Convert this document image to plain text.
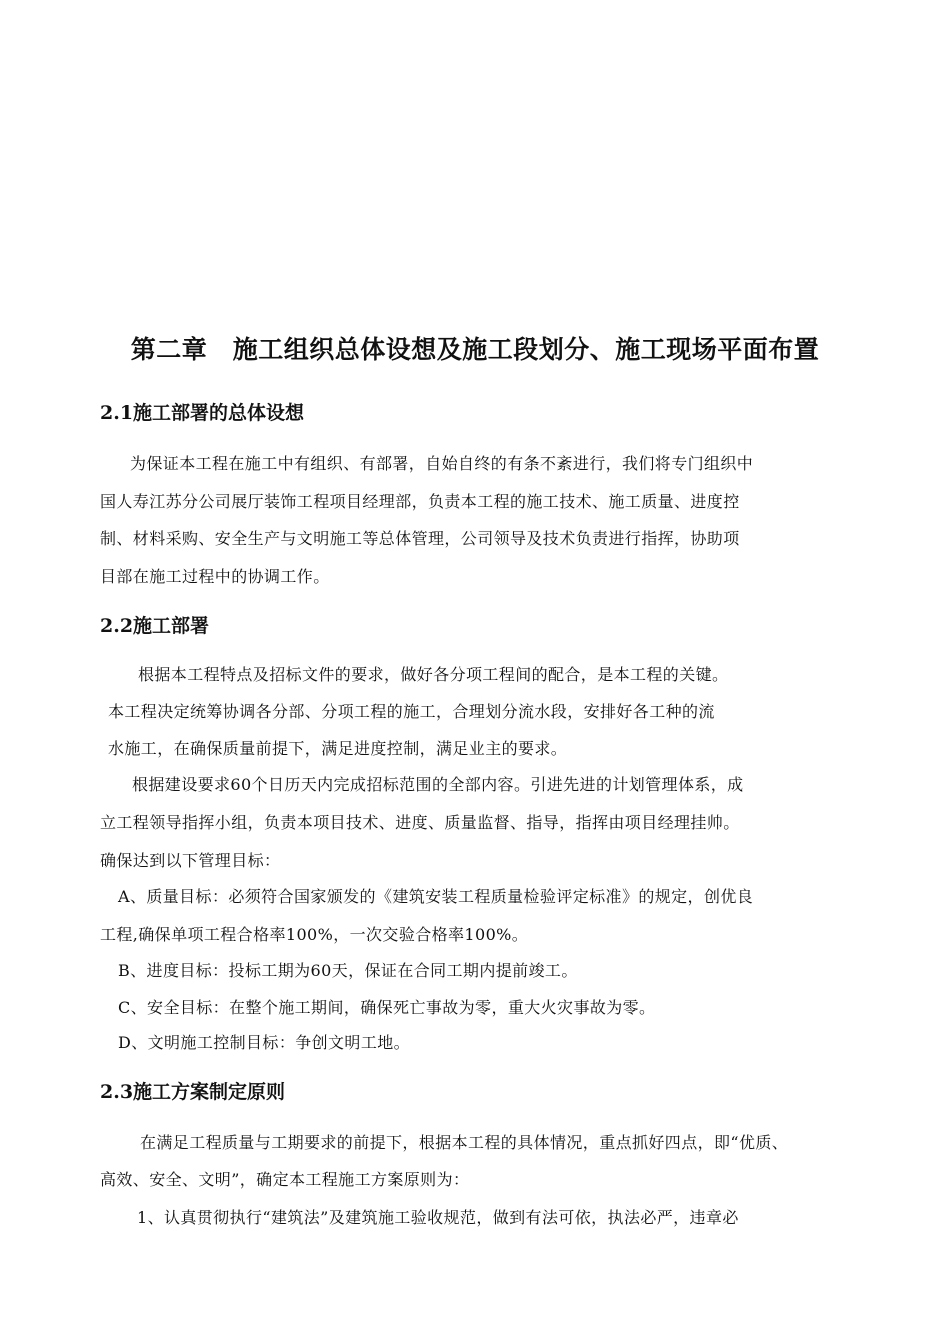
第二章　施工组织总体设想及施工段划分、施工现场平面布置
2.1施工部署的总体设想
为保证本工程在施工中有组织、有部署，自始自终的有条不紊进行，我们将专门组织中
国人寿江苏分公司展厅装饰工程项目经理部，负责本工程的施工技术、施工质量、进度控
制、材料采购、安全生产与文明施工等总体管理，公司领导及技术负责进行指挥，协助项
目部在施工过程中的协调工作。
2.2施工部署
根据本工程特点及招标文件的要求，做好各分项工程间的配合，是本工程的关键。
本工程决定统筹协调各分部、分项工程的施工，合理划分流水段，安排好各工种的流
水施工，在确保质量前提下，满足进度控制，满足业主的要求。
根据建设要求60个日历天内完成招标范围的全部内容。引进先进的计划管理体系，成
立工程领导指挥小组，负责本项目技术、进度、质量监督、指导，指挥由项目经理挂帅。
确保达到以下管理目标：
A、质量目标：必须符合国家颁发的《建筑安装工程质量检验评定标准》的规定，创优良
工程,确保单项工程合格率100%，一次交验合格率100%。
B、进度目标：投标工期为60天，保证在合同工期内提前竣工。
C、安全目标：在整个施工期间，确保死亡事故为零，重大火灾事故为零。
D、文明施工控制目标：争创文明工地。
2.3施工方案制定原则
在满足工程质量与工期要求的前提下，根据本工程的具体情况，重点抓好四点，即“优质、
高效、安全、文明”，确定本工程施工方案原则为：
1、认真贯彻执行“建筑法”及建筑施工验收规范，做到有法可依，执法必严，违章必
